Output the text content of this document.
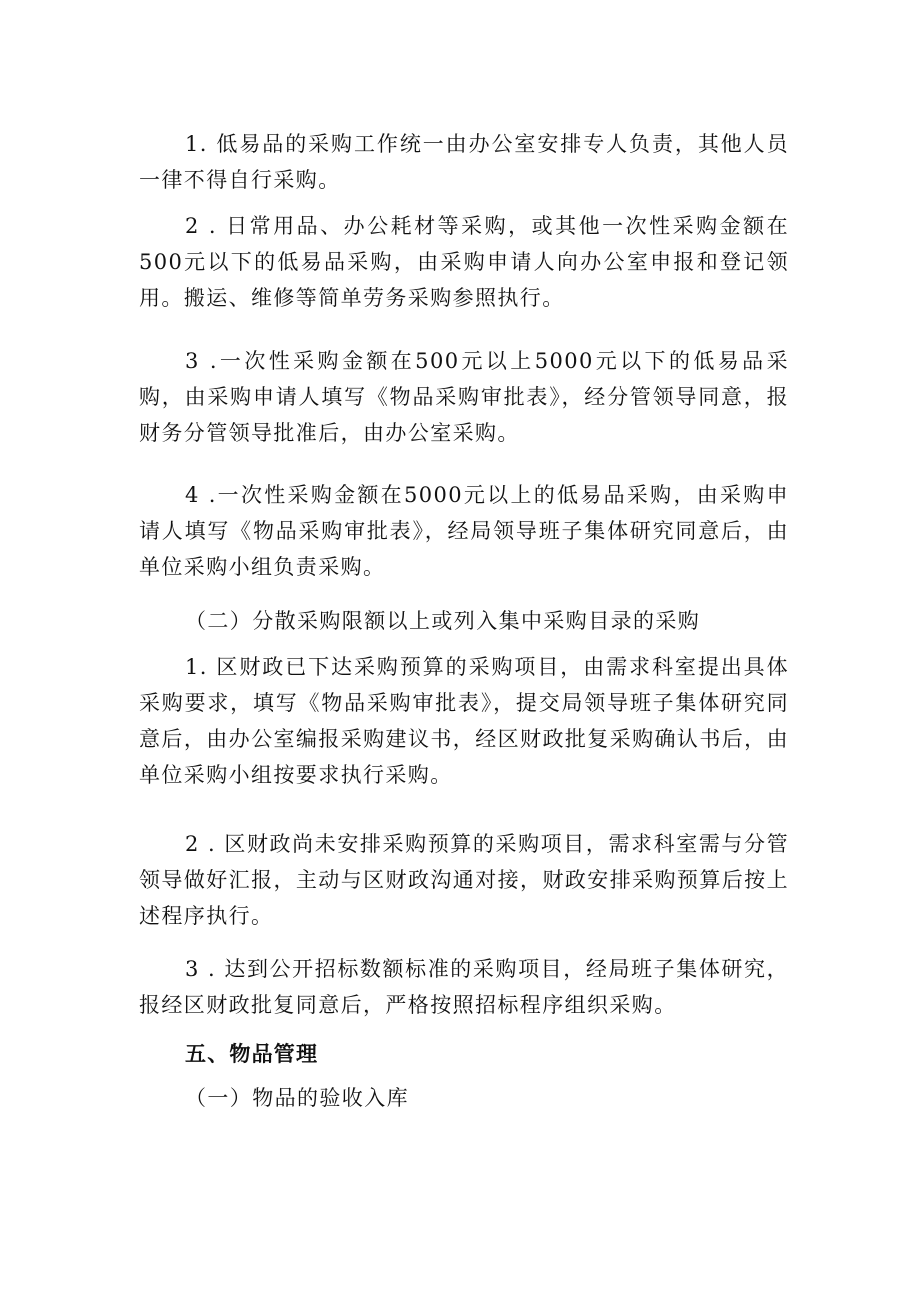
1. 低易品的采购工作统一由办公室安排专人负责，其他人员一律不得自行采购。

2 . 日常用品、办公耗材等采购，或其他一次性采购金额在500元以下的低易品采购，由采购申请人向办公室申报和登记领用。搬运、维修等简单劳务采购参照执行。

3 .一次性采购金额在500元以上5000元以下的低易品采购，由采购申请人填写《物品采购审批表》，经分管领导同意，报财务分管领导批准后，由办公室采购。

4 .一次性采购金额在5000元以上的低易品采购，由采购申请人填写《物品采购审批表》，经局领导班子集体研究同意后，由单位采购小组负责采购。

（二）分散采购限额以上或列入集中采购目录的采购

1. 区财政已下达采购预算的采购项目，由需求科室提出具体采购要求，填写《物品采购审批表》，提交局领导班子集体研究同意后，由办公室编报采购建议书，经区财政批复采购确认书后，由单位采购小组按要求执行采购。

2 . 区财政尚未安排采购预算的采购项目，需求科室需与分管领导做好汇报，主动与区财政沟通对接，财政安排采购预算后按上述程序执行。

3 . 达到公开招标数额标准的采购项目，经局班子集体研究，报经区财政批复同意后，严格按照招标程序组织采购。

五、物品管理

（一）物品的验收入库
